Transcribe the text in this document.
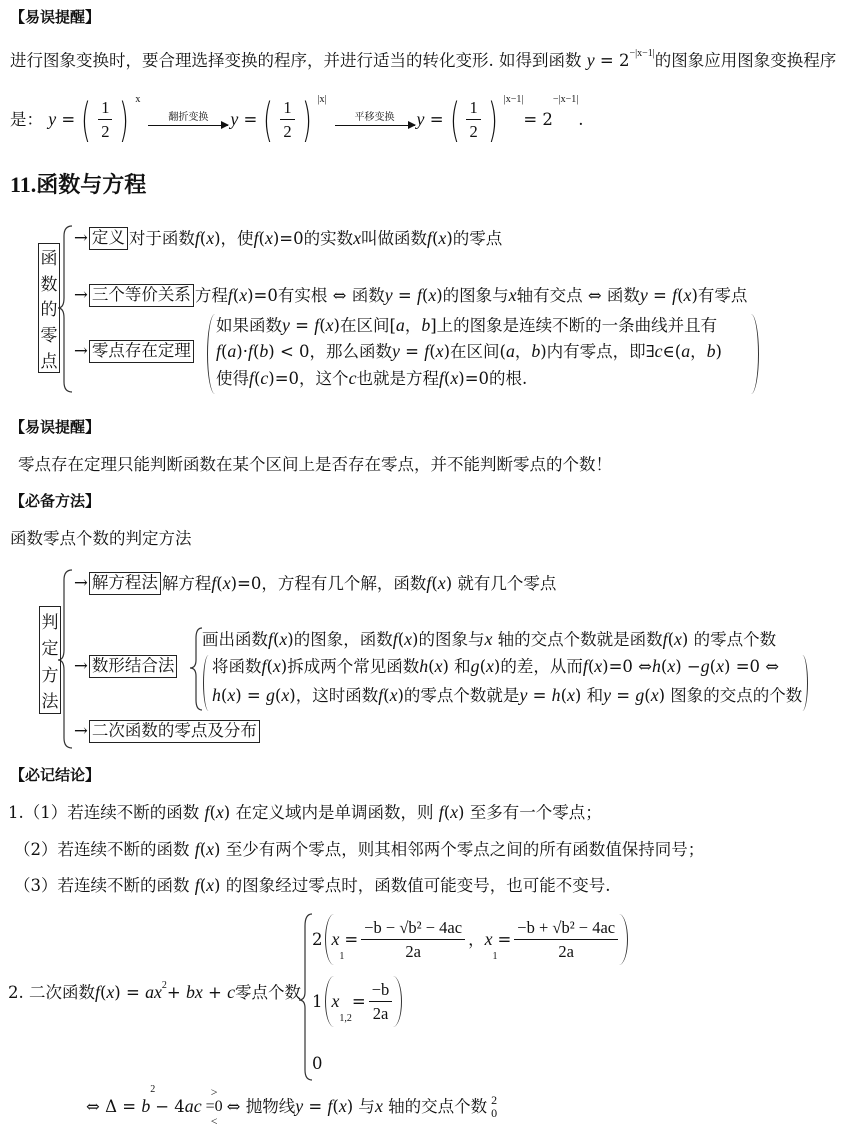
【易误提醒】
进行图象变换时，要合理选择变换的程序，并进行适当的转化变形. 如得到函数 $y = 2^{-|x-1|}$ 的图象应用图象变换程序
是： y = ( $\frac{1}{2}$ ) $^x$
翻折变换 y = ( $\frac{1}{2}$ ) $^{|x|}$
平移变换 y = ( $\frac{1}{2}$ ) $^{|x-1|}$
= 2
−|x−1|
.
11.函数与方程
函
数
的
零
点
→ 定义 对于函数f(x)，使f(x)=0的实数x叫做函数f(x)的零点
→ 三个等价关系 方程f(x)=0有实根 ⇔ 函数y = f(x)的图象与x轴有交点 ⇔ 函数y = f(x)有零点
→ 零点存在定理
如果函数y = f(x)在区间[a，b]上的图象是连续不断的一条曲线并且有
f(a)·f(b) < 0，那么函数y = f(x)在区间(a，b)内有零点，即∃c∈(a，b)
使得f(c)=0，这个c也就是方程f(x)=0的根.
【易误提醒】
零点存在定理只能判断函数在某个区间上是否存在零点，并不能判断零点的个数！
【必备方法】
函数零点个数的判定方法
判
定
方
法
→ 解方程法 解方程f(x)=0，方程有几个解，函数f(x) 就有几个零点
→ 数形结合法
→ 二次函数的零点及分布
画出函数f(x)的图象，函数f(x)的图象与x 轴的交点个数就是函数f(x) 的零点个数
将函数f(x)拆成两个常见函数h(x) 和g(x)的差，从而f(x)=0 ⇔h(x) −g(x) =0 ⇔
h(x) = g(x)，这时函数f(x)的零点个数就是y = h(x) 和y = g(x) 图象的交点的个数
【必记结论】
1.（1）若连续不断的函数 f(x) 在定义域内是单调函数，则 f(x) 至多有一个零点；
（2）若连续不断的函数 f(x) 至少有两个零点，则其相邻两个零点之间的所有函数值保持同号；
（3）若连续不断的函数 f(x) 的图象经过零点时，函数值可能变号，也可能不变号.
2. 二次函数$f(x) = ax^2$ + bx + c零点个数
2 x
1
= $\frac{\text{−b − √b² − 4ac}}{2a}$ ，x
1
= $\frac{\text{−b + √b² − 4ac}}{2a}$
1 x
1,2
= $\frac{-b}{2a}$
0
⇔ Δ = b
2
− 4ac
>
=0
<
⇔ 抛物线y = f(x) 与x 轴的交点个数 2
0
